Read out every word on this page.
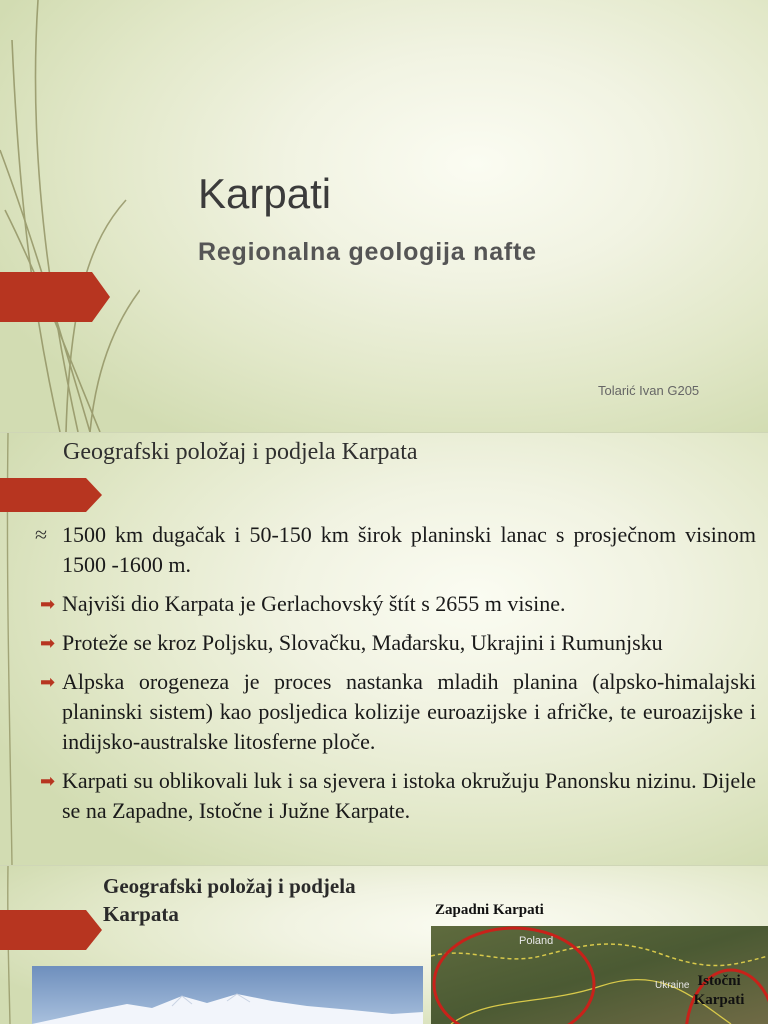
Karpati
Regionalna geologija nafte
Tolarić Ivan G205
Geografski položaj i podjela Karpata
≈ 1500 km dugačak i 50-150 km širok planinski lanac s prosječnom visinom 1500 -1600 m.
➡ Najviši dio Karpata je Gerlachovský štít s 2655 m visine.
➡ Proteže se kroz Poljsku, Slovačku, Mađarsku, Ukrajini i Rumunjsku
➡ Alpska orogeneza je proces nastanka mladih planina (alpsko-himalajski planinski sistem) kao posljedica kolizije euroazijske i afričke, te euroazijske i indijsko-australske litosferne ploče.
➡ Karpati su oblikovali luk i sa sjevera i istoka okružuju Panonsku nizinu. Dijele se na Zapadne, Istočne i Južne Karpate.
Geografski položaj i podjela Karpata	Zapadni Karpati
Poland
Ukraine Istočni Karpati
